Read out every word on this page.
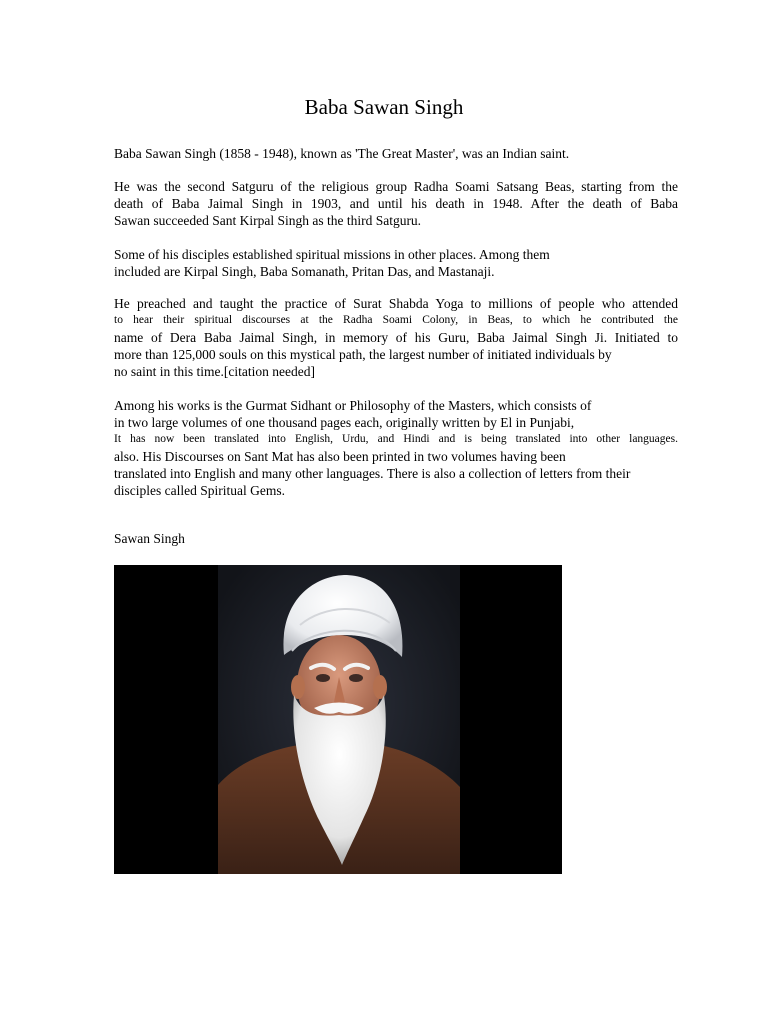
Baba Sawan Singh

Baba Sawan Singh (1858 - 1948), known as 'The Great Master', was an Indian saint.

He was the second Satguru of the religious group Radha Soami Satsang Beas, starting from the
death of Baba Jaimal Singh in 1903, and until his death in 1948. After the death of Baba
Sawan succeeded Sant Kirpal Singh as the third Satguru.

Some of his disciples established spiritual missions in other places. Among them
included are Kirpal Singh, Baba Somanath, Pritan Das, and Mastanaji.

He preached and taught the practice of Surat Shabda Yoga to millions of people who attended
to hear their spiritual discourses at the Radha Soami Colony, in Beas, to which he contributed the
name of Dera Baba Jaimal Singh, in memory of his Guru, Baba Jaimal Singh Ji. Initiated to
more than 125,000 souls on this mystical path, the largest number of initiated individuals by
no saint in this time.[citation needed]

Among his works is the Gurmat Sidhant or Philosophy of the Masters, which consists of
in two large volumes of one thousand pages each, originally written by El in Punjabi,
It has now been translated into English, Urdu, and Hindi and is being translated into other languages.
also. His Discourses on Sant Mat has also been printed in two volumes having been
translated into English and many other languages. There is also a collection of letters from their
disciples called Spiritual Gems.

Sawan Singh
